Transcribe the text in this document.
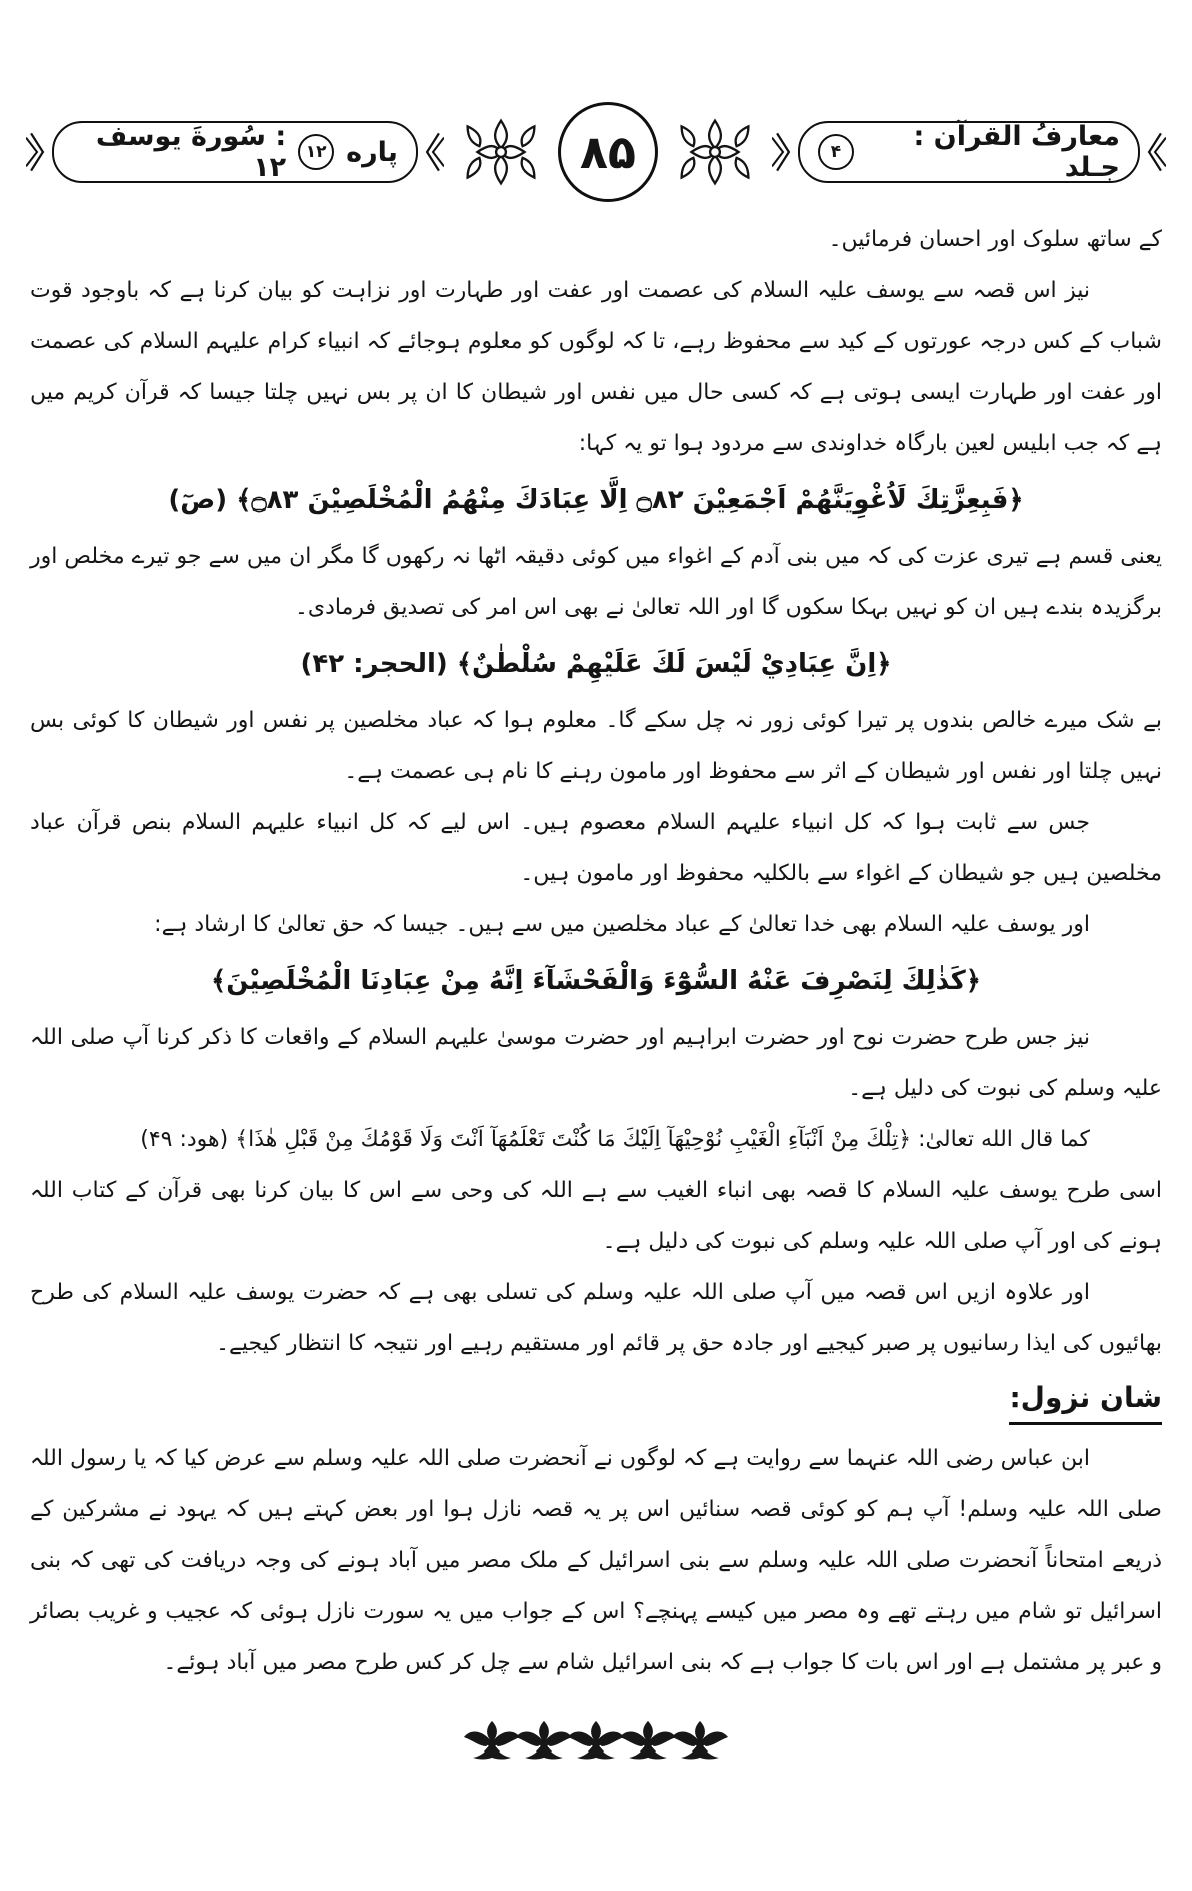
معارفُ القرآن : جـلد
۴
۸۵
پاره
۱۲
: سُورةَ يوسف ۱۲

کے ساتھ سلوک اور احسان فرمائیں۔

نیز اس قصہ سے یوسف علیہ السلام کی عصمت اور عفت اور طہارت اور نزاہت کو بیان کرنا ہے کہ باوجود قوت شباب کے کس درجہ عورتوں کے کید سے محفوظ رہے، تا کہ لوگوں کو معلوم ہوجائے کہ انبیاء کرام علیہم السلام کی عصمت اور عفت اور طہارت ایسی ہوتی ہے کہ کسی حال میں نفس اور شیطان کا ان پر بس نہیں چلتا جیسا کہ قرآن کریم میں ہے کہ جب ابلیس لعین بارگاہ خداوندی سے مردود ہوا تو یہ کہا:

﴿فَبِعِزَّتِكَ لَاُغْوِيَنَّهُمْ اَجْمَعِيْنَ ۝۸۲ اِلَّا عِبَادَكَ مِنْهُمُ الْمُخْلَصِيْنَ ۝۸۳﴾ (صٓ)

یعنی قسم ہے تیری عزت کی کہ میں بنی آدم کے اغواء میں کوئی دقیقہ اٹھا نہ رکھوں گا مگر ان میں سے جو تیرے مخلص اور برگزیدہ بندے ہیں ان کو نہیں بہکا سکوں گا اور اللہ تعالیٰ نے بھی اس امر کی تصدیق فرمادی۔

﴿اِنَّ عِبَادِيْ لَيْسَ لَكَ عَلَيْهِمْ سُلْطٰنٌ﴾ (الحجر: ۴۲)

بے شک میرے خالص بندوں پر تیرا کوئی زور نہ چل سکے گا۔ معلوم ہوا کہ عباد مخلصین پر نفس اور شیطان کا کوئی بس نہیں چلتا اور نفس اور شیطان کے اثر سے محفوظ اور مامون رہنے کا نام ہی عصمت ہے۔

جس سے ثابت ہوا کہ کل انبیاء علیہم السلام معصوم ہیں۔ اس لیے کہ کل انبیاء علیہم السلام بنص قرآن عباد مخلصین ہیں جو شیطان کے اغواء سے بالکلیہ محفوظ اور مامون ہیں۔

اور یوسف علیہ السلام بھی خدا تعالیٰ کے عباد مخلصین میں سے ہیں۔ جیسا کہ حق تعالیٰ کا ارشاد ہے:

﴿كَذٰلِكَ لِنَصْرِفَ عَنْهُ السُّوْٓءَ وَالْفَحْشَآءَ اِنَّهُ مِنْ عِبَادِنَا الْمُخْلَصِيْنَ﴾

نیز جس طرح حضرت نوح اور حضرت ابراہیم اور حضرت موسیٰ علیہم السلام کے واقعات کا ذکر کرنا آپ صلی اللہ علیہ وسلم کی نبوت کی دلیل ہے۔

كما قال الله تعالىٰ: ﴿تِلْكَ مِنْ اَنْبَآءِ الْغَيْبِ نُوْحِيْهَآ اِلَيْكَ مَا كُنْتَ تَعْلَمُهَآ اَنْتَ وَلَا قَوْمُكَ مِنْ قَبْلِ هٰذَا﴾ (هود: ۴۹)

اسی طرح یوسف علیہ السلام کا قصہ بھی انباء الغیب سے ہے اللہ کی وحی سے اس کا بیان کرنا بھی قرآن کے کتاب اللہ ہونے کی اور آپ صلی اللہ علیہ وسلم کی نبوت کی دلیل ہے۔

اور علاوہ ازیں اس قصہ میں آپ صلی اللہ علیہ وسلم کی تسلی بھی ہے کہ حضرت یوسف علیہ السلام کی طرح بھائیوں کی ایذا رسانیوں پر صبر کیجیے اور جادہ حق پر قائم اور مستقیم رہیے اور نتیجہ کا انتظار کیجیے۔

شان نزول:

ابن عباس رضی اللہ عنہما سے روایت ہے کہ لوگوں نے آنحضرت صلی اللہ علیہ وسلم سے عرض کیا کہ یا رسول اللہ صلی اللہ علیہ وسلم! آپ ہم کو کوئی قصہ سنائیں اس پر یہ قصہ نازل ہوا اور بعض کہتے ہیں کہ یہود نے مشرکین کے ذریعے امتحاناً آنحضرت صلی اللہ علیہ وسلم سے بنی اسرائیل کے ملک مصر میں آباد ہونے کی وجہ دریافت کی تھی کہ بنی اسرائیل تو شام میں رہتے تھے وہ مصر میں کیسے پہنچے؟ اس کے جواب میں یہ سورت نازل ہوئی کہ عجیب و غریب بصائر و عبر پر مشتمل ہے اور اس بات کا جواب ہے کہ بنی اسرائیل شام سے چل کر کس طرح مصر میں آباد ہوئے۔
